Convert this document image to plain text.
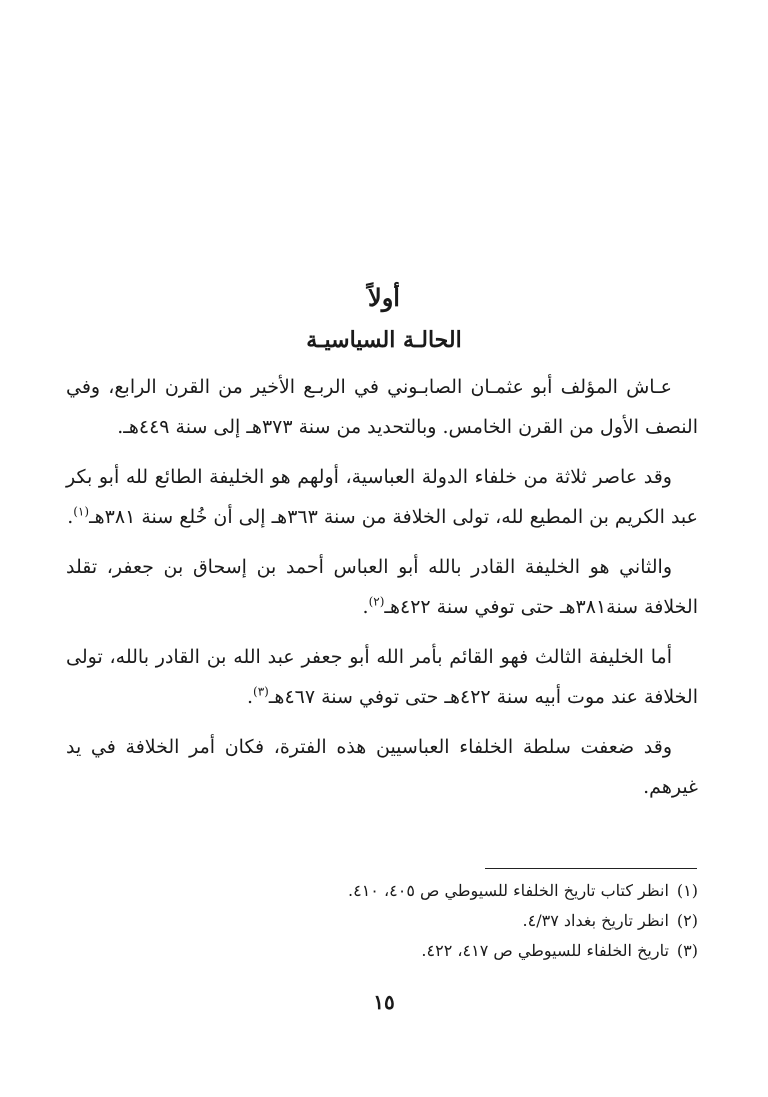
أولاً
الحالـة السياسيـة

عـاش المؤلف أبو عثمـان الصابـوني في الربـع الأخير من القرن الرابع، وفي النصف الأول من القرن الخامس. وبالتحديد من سنة ٣٧٣هـ إلى سنة ٤٤٩هـ.

وقد عاصر ثلاثة من خلفاء الدولة العباسية، أولهم هو الخليفة الطائع لله أبو بكر عبد الكريم بن المطيع لله، تولى الخلافة من سنة ٣٦٣هـ إلى أن خُلع سنة ٣٨١هـ$^{(١)}$.

والثاني هو الخليفة القادر بالله أبو العباس أحمد بن إسحاق بن جعفر، تقلد الخلافة سنة٣٨١هـ حتى توفي سنة ٤٢٢هـ$^{(٢)}$.

أما الخليفة الثالث فهو القائم بأمر الله أبو جعفر عبد الله بن القادر بالله، تولى الخلافة عند موت أبيه سنة ٤٢٢هـ حتى توفي سنة ٤٦٧هـ$^{(٣)}$.

وقد ضعفت سلطة الخلفاء العباسيين هذه الفترة، فكان أمر الخلافة في يد غيرهم.

(١)انظر كتاب تاريخ الخلفاء للسيوطي ص ٤٠٥، ٤١٠.

(٢)انظر تاريخ بغداد ٤/٣٧.

(٣)تاريخ الخلفاء للسيوطي ص ٤١٧، ٤٢٢.

١٥
